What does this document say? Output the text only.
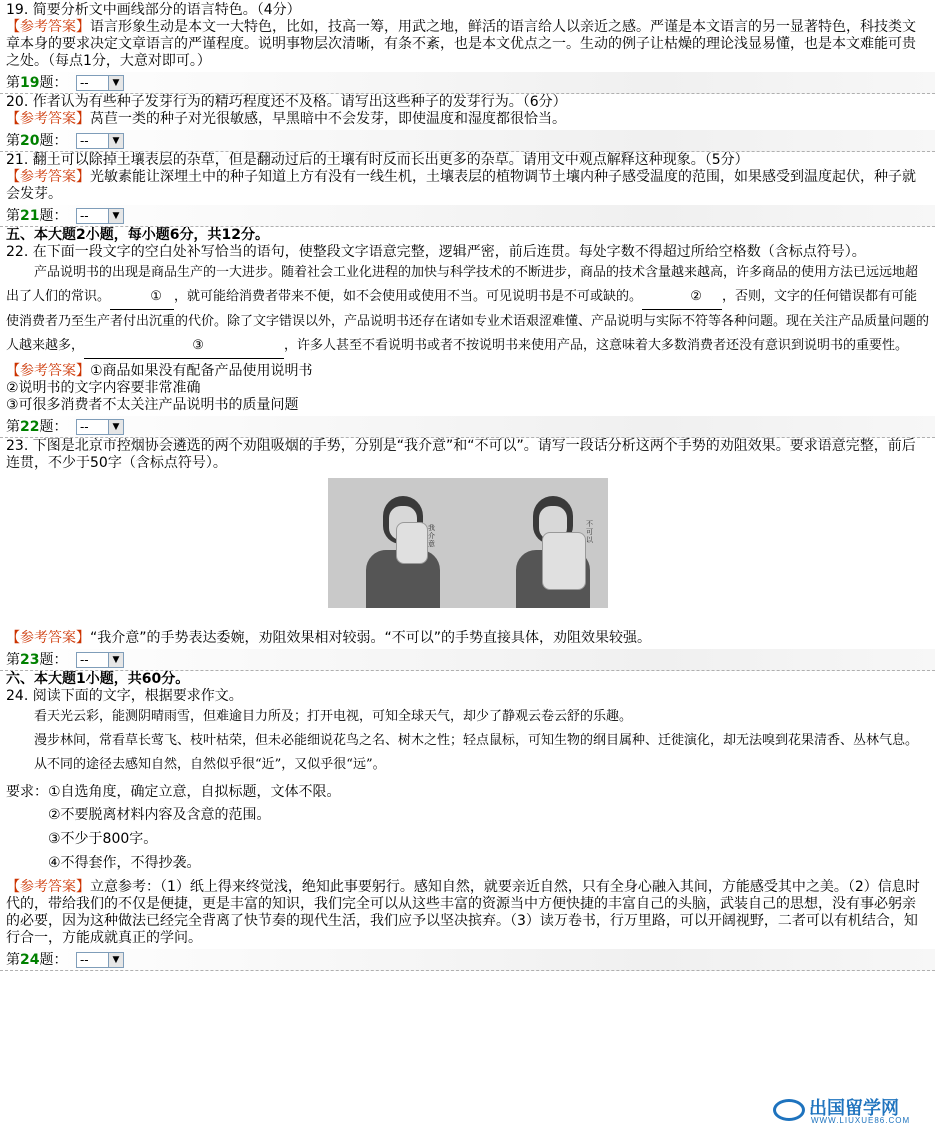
19. 简要分析文中画线部分的语言特色。（4分）

【参考答案】语言形象生动是本文一大特色，比如，技高一筹，用武之地，鲜活的语言给人以亲近之感。严谨是本文语言的另一显著特色，科技类文章本身的要求决定文章语言的严谨程度。说明事物层次清晰，有条不紊，也是本文优点之一。生动的例子让枯燥的理论浅显易懂，也是本文难能可贵之处。（每点1分，大意对即可。）

第19题： --	▼

20. 作者认为有些种子发芽行为的精巧程度还不及格。请写出这些种子的发芽行为。（6分）

【参考答案】莴苣一类的种子对光很敏感，早黑暗中不会发芽，即使温度和湿度都很恰当。

第20题： --	▼

21. 翻土可以除掉土壤表层的杂草，但是翻动过后的土壤有时反而长出更多的杂草。请用文中观点解释这种现象。（5分）

【参考答案】光敏素能让深埋土中的种子知道上方有没有一线生机，土壤表层的植物调节土壤内种子感受温度的范围，如果感受到温度起伏，种子就会发芽。

第21题： --	▼

五、本大题2小题，每小题6分，共12分。

22. 在下面一段文字的空白处补写恰当的语句，使整段文字语意完整，逻辑严密，前后连贯。每处字数不得超过所给空格数（含标点符号）。

产品说明书的出现是商品生产的一大进步。随着社会工业化进程的加快与科学技术的不断进步，商品的技术含量越来越高，许多商品的使用方法已远远地超出了人们的常识。	① ，就可能给消费者带来不便，如不会使用或使用不当。可见说明书是不可或缺的。	② ，否则，文字的任何错误都有可能使消费者乃至生产者付出沉重的代价。除了文字错误以外，产品说明书还存在诸如专业术语艰涩难懂、产品说明与实际不符等各种问题。现在关注产品质量问题的人越来越多，	③	，许多人甚至不看说明书或者不按说明书来使用产品，这意味着大多数消费者还没有意识到说明书的重要性。

【参考答案】①商品如果没有配备产品使用说明书

②说明书的文字内容要非常准确

③可很多消费者不太关注产品说明书的质量问题

第22题： --	▼

23. 下图是北京市控烟协会遴选的两个劝阻吸烟的手势，分别是“我介意”和“不可以”。请写一段话分析这两个手势的劝阻效果。要求语意完整，前后连贯，不少于50字（含标点符号）。

我介意
不可以

【参考答案】“我介意”的手势表达委婉，劝阻效果相对较弱。“不可以”的手势直接具体，劝阻效果较强。

第23题： --	▼

六、本大题1小题，共60分。

24. 阅读下面的文字，根据要求作文。

看天光云彩，能测阴晴雨雪，但难逾目力所及；打开电视，可知全球天气，却少了静观云卷云舒的乐趣。

漫步林间，常看草长莺飞、枝叶枯荣，但未必能细说花鸟之名、树木之性；轻点鼠标，可知生物的纲目属种、迁徙演化，却无法嗅到花果清香、丛林气息。

从不同的途径去感知自然，自然似乎很“近”，又似乎很“远”。

要求：①自选角度，确定立意，自拟标题，文体不限。

②不要脱离材料内容及含意的范围。

③不少于800字。

④不得套作，不得抄袭。

【参考答案】立意参考：（1）纸上得来终觉浅，绝知此事要躬行。感知自然，就要亲近自然，只有全身心融入其间，方能感受其中之美。（2）信息时代的，带给我们的不仅是便捷，更是丰富的知识，我们完全可以从这些丰富的资源当中方便快捷的丰富自己的头脑，武装自己的思想，没有事必躬亲的必要，因为这种做法已经完全背离了快节奏的现代生活，我们应予以坚决摈弃。（3）读万卷书，行万里路，可以开阔视野，二者可以有机结合，知行合一，方能成就真正的学问。

第24题： --	▼
出国留学网
WWW.LIUXUE86.COM
